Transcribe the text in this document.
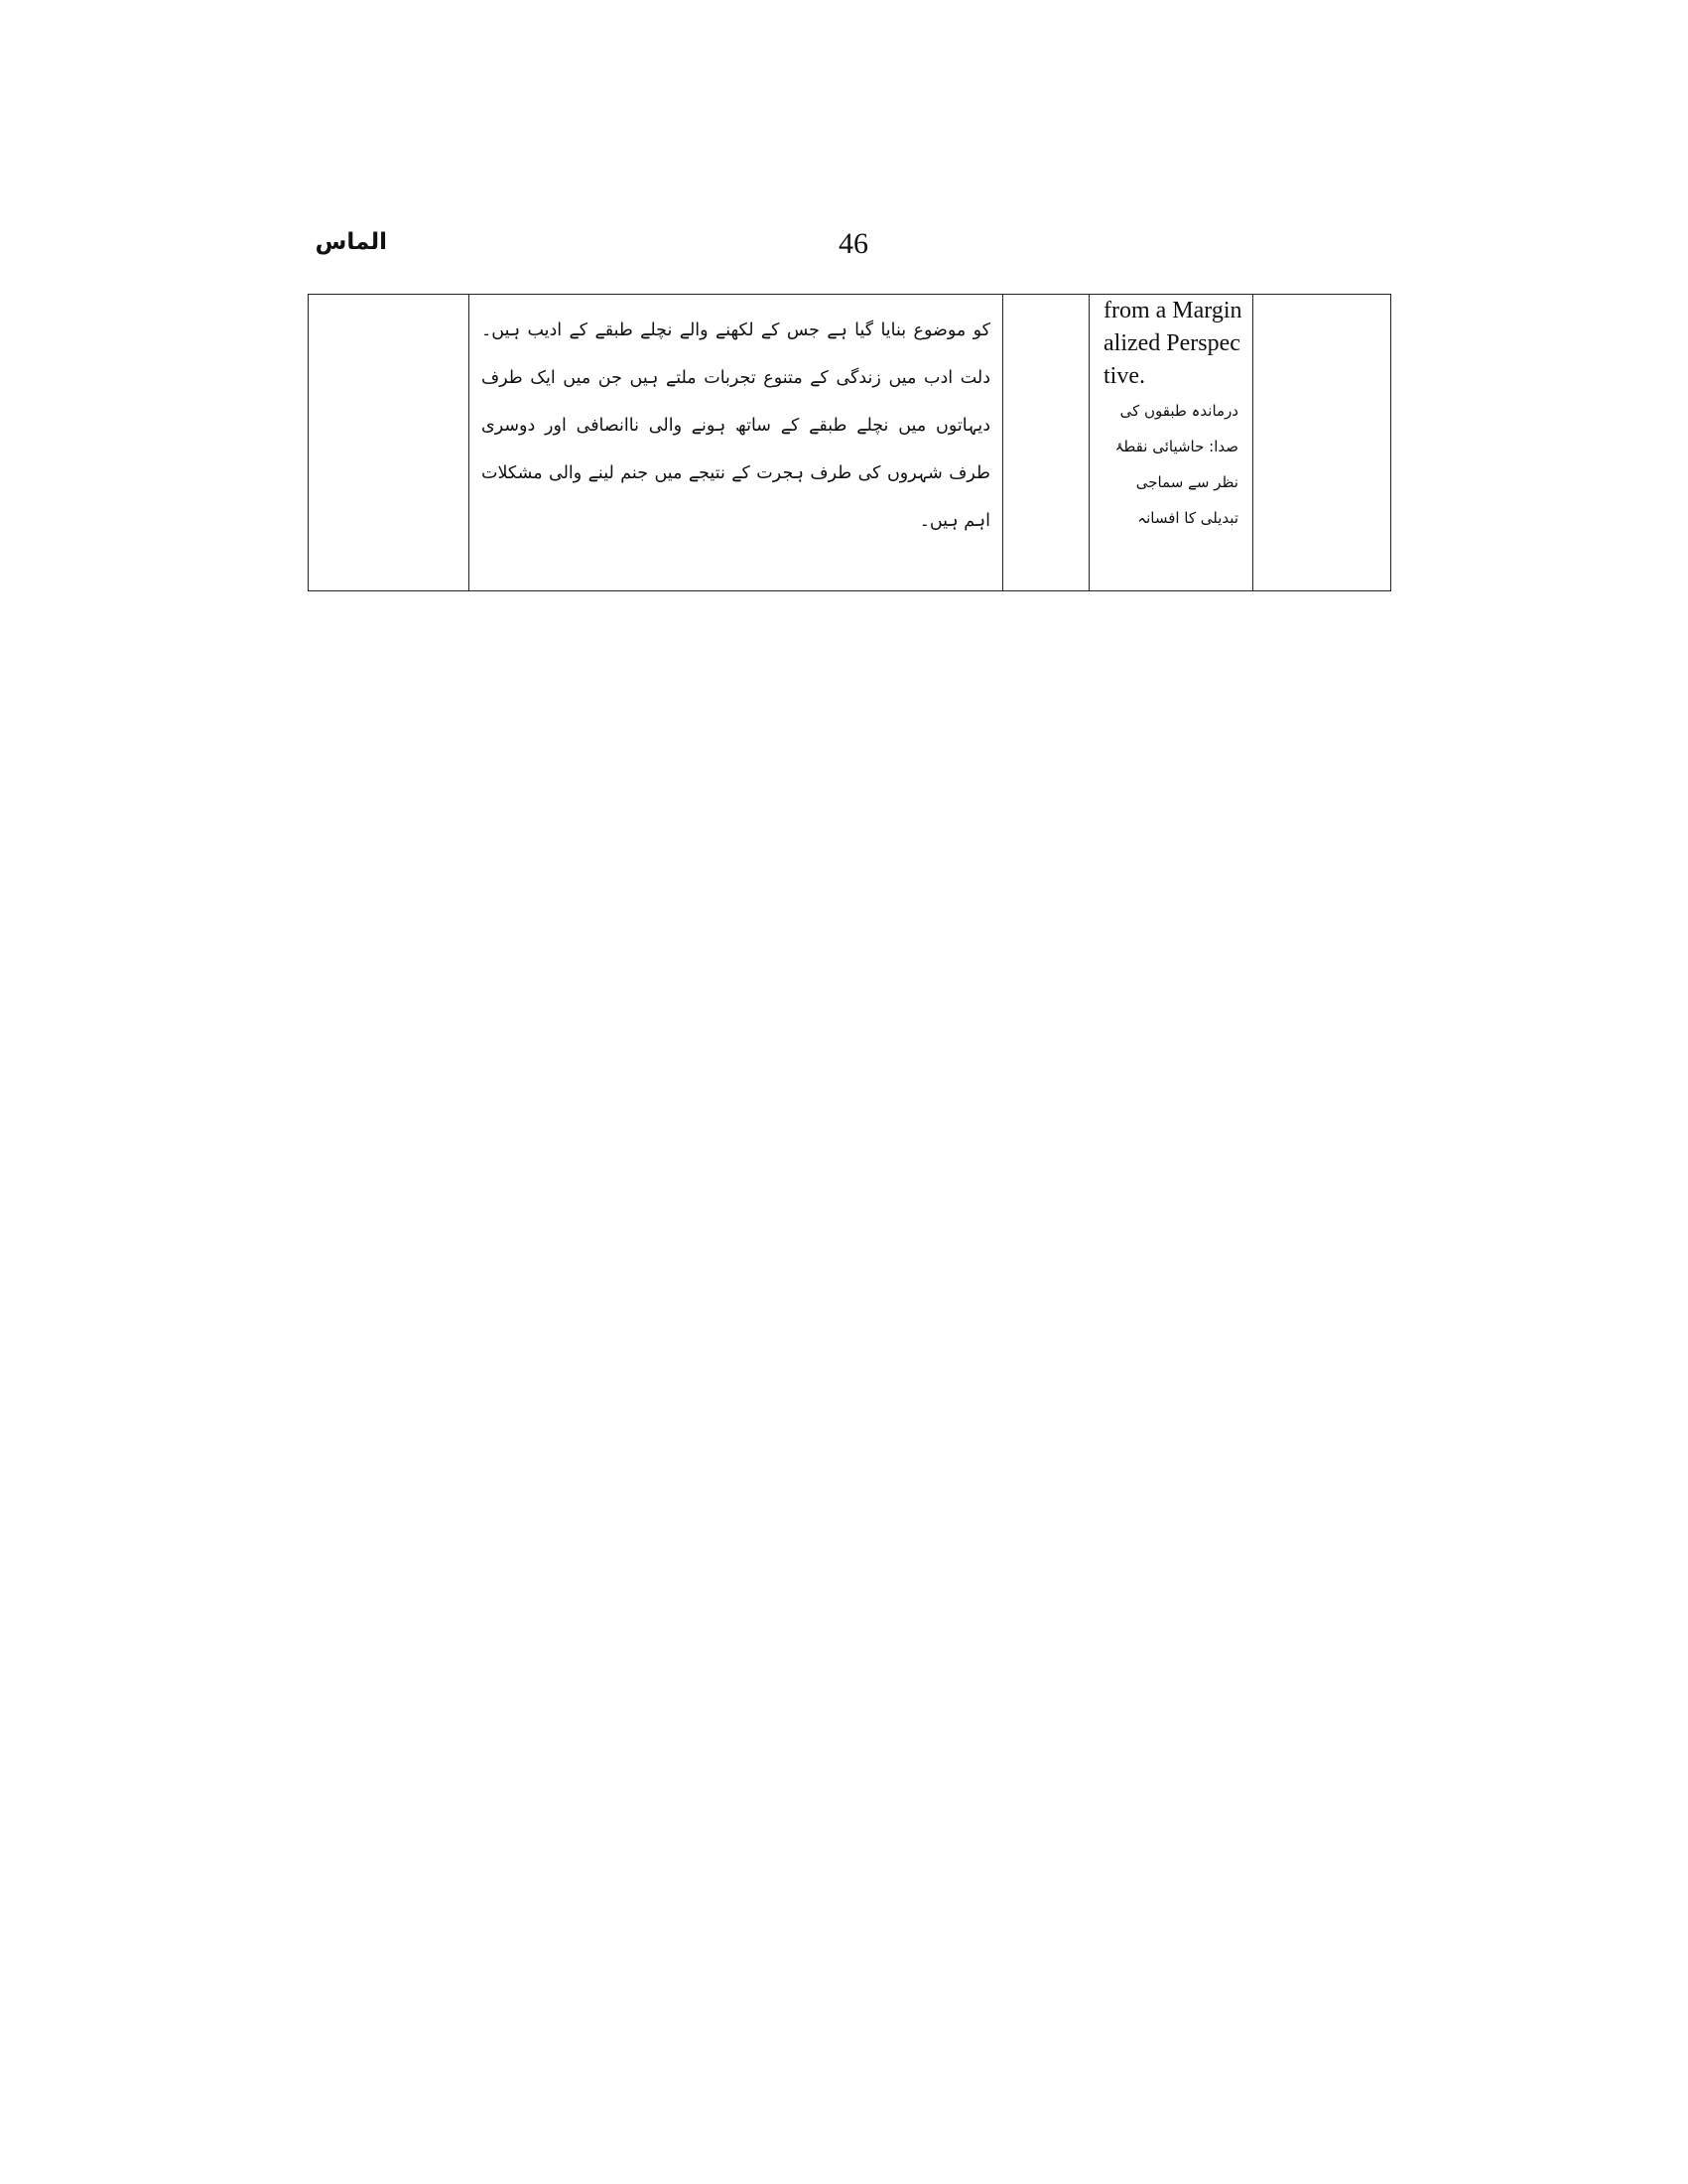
الماس	46

کو موضوع بنایا گیا ہے جس کے لکھنے والے نچلے طبقے کے ادیب ہیں۔ دلت ادب میں زندگی کے متنوع تجربات ملتے ہیں جن میں ایک طرف دیہاتوں میں نچلے طبقے کے ساتھ ہونے والی ناانصافی اور دوسری طرف شہروں کی طرف ہجرت کے نتیجے میں جنم لینے والی مشکلات اہم ہیں۔

from a Marginalized Perspective.
درماندہ طبقوں کی صدا: حاشیائی نقطۂ نظر سے سماجی تبدیلی کا افسانہ
